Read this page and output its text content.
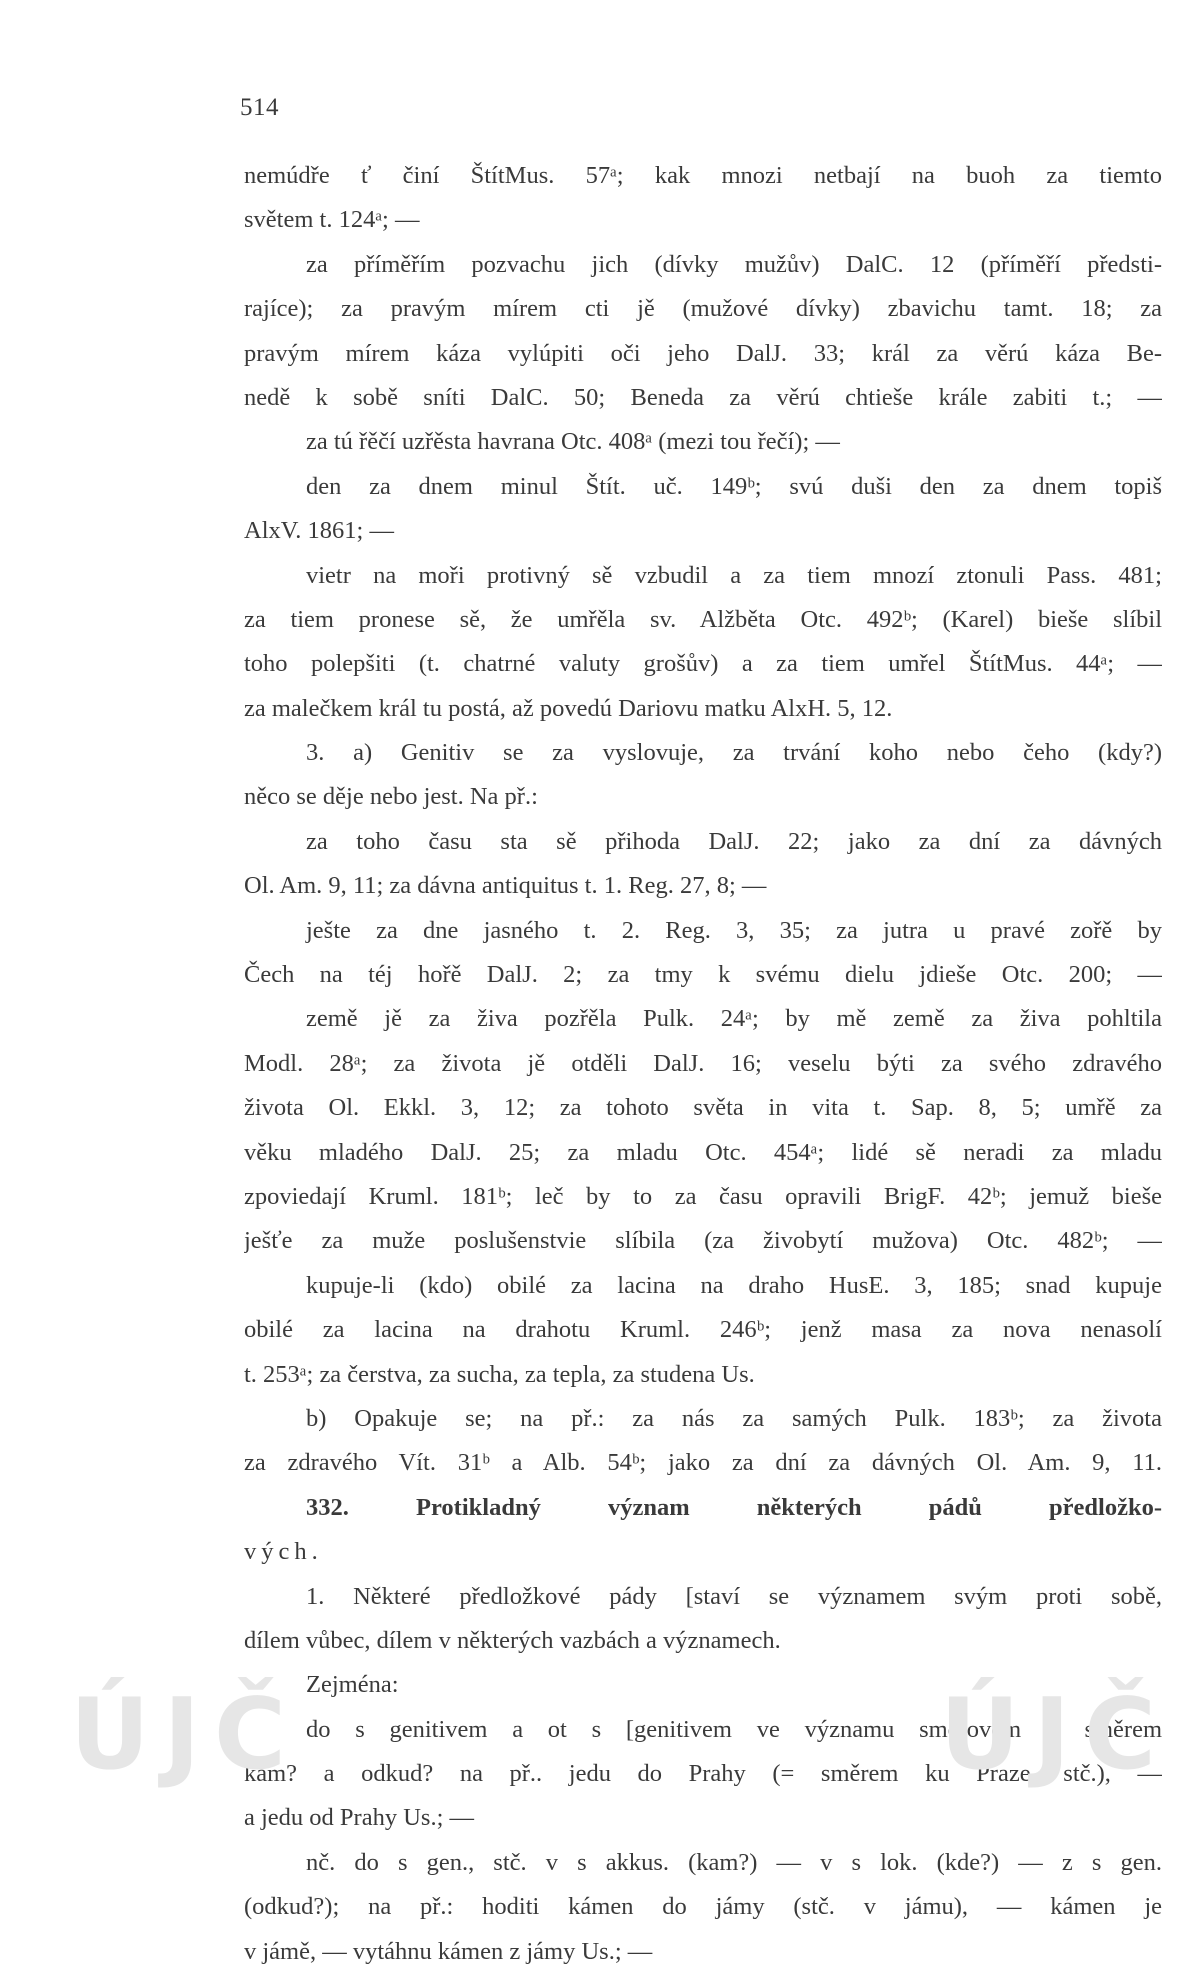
514
nemúdře ť činí ŠtítMus. 57ᵃ; kak mnozi netbají na buoh za tiemto
světem t. 124ᵃ; —
za příměřím pozvachu jich (dívky mužův) DalC. 12 (příměří předsti-
rajíce); za pravým mírem cti jě (mužové dívky) zbavichu tamt. 18; za
pravým mírem káza vylúpiti oči jeho DalJ. 33; král za věrú káza Be-
nedě k sobě sníti DalC. 50; Beneda za věrú chtieše krále zabiti t.; —
za tú řěčí uzřěsta havrana Otc. 408ᵃ (mezi tou řečí); —
den za dnem minul Štít. uč. 149ᵇ; svú duši den za dnem topiš
AlxV. 1861; —
vietr na moři protivný sě vzbudil a za tiem mnozí ztonuli Pass. 481;
za tiem pronese sě, že umřěla sv. Alžběta Otc. 492ᵇ; (Karel) bieše slíbil
toho polepšiti (t. chatrné valuty grošův) a za tiem umřel ŠtítMus. 44ᵃ; —
za malečkem král tu postá, až povedú Dariovu matku AlxH. 5, 12.
3. a) Genitiv se za vyslovuje, za trvání koho nebo čeho (kdy?)
něco se děje nebo jest. Na př.:
za toho času sta sě přihoda DalJ. 22; jako za dní za dávných
Ol. Am. 9, 11; za dávna antiquitus t. 1. Reg. 27, 8; —
ješte za dne jasného t. 2. Reg. 3, 35; za jutra u pravé zořě by
Čech na téj hořě DalJ. 2; za tmy k svému dielu jdieše Otc. 200; —
země jě za živa pozřěla Pulk. 24ᵃ; by mě země za živa pohltila
Modl. 28ᵃ; za života jě otděli DalJ. 16; veselu býti za svého zdravého
života Ol. Ekkl. 3, 12; za tohoto světa in vita t. Sap. 8, 5; umřě za
věku mladého DalJ. 25; za mladu Otc. 454ᵃ; lidé sě neradi za mladu
zpoviedají Kruml. 181ᵇ; leč by to za času opravili BrigF. 42ᵇ; jemuž bieše
ješťe za muže poslušenstvie slíbila (za živobytí mužova) Otc. 482ᵇ; —
kupuje-li (kdo) obilé za lacina na draho HusE. 3, 185; snad kupuje
obilé za lacina na drahotu Kruml. 246ᵇ; jenž masa za nova nenasolí
t. 253ᵃ; za čerstva, za sucha, za tepla, za studena Us.
b) Opakuje se; na př.: za nás za samých Pulk. 183ᵇ; za života
za zdravého Vít. 31ᵇ a Alb. 54ᵇ; jako za dní za dávných Ol. Am. 9, 11.
332. Protikladný význam některých pádů předložko-
vých.
1. Některé předložkové pády [staví se významem svým proti sobě,
dílem vůbec, dílem v některých vazbách a významech.
Zejména:
do s genitivem a ot s [genitivem ve významu směrovém = směrem
kam? a odkud? na př.. jedu do Prahy (= směrem ku Praze, stč.), —
a jedu od Prahy Us.; —
nč. do s gen., stč. v s akkus. (kam?) — v s lok. (kde?) — z s gen.
(odkud?); na př.: hoditi kámen do jámy (stč. v jámu), — kámen je
v jámě, — vytáhnu kámen z jámy Us.; —
ÚJČ	ÚJČ
